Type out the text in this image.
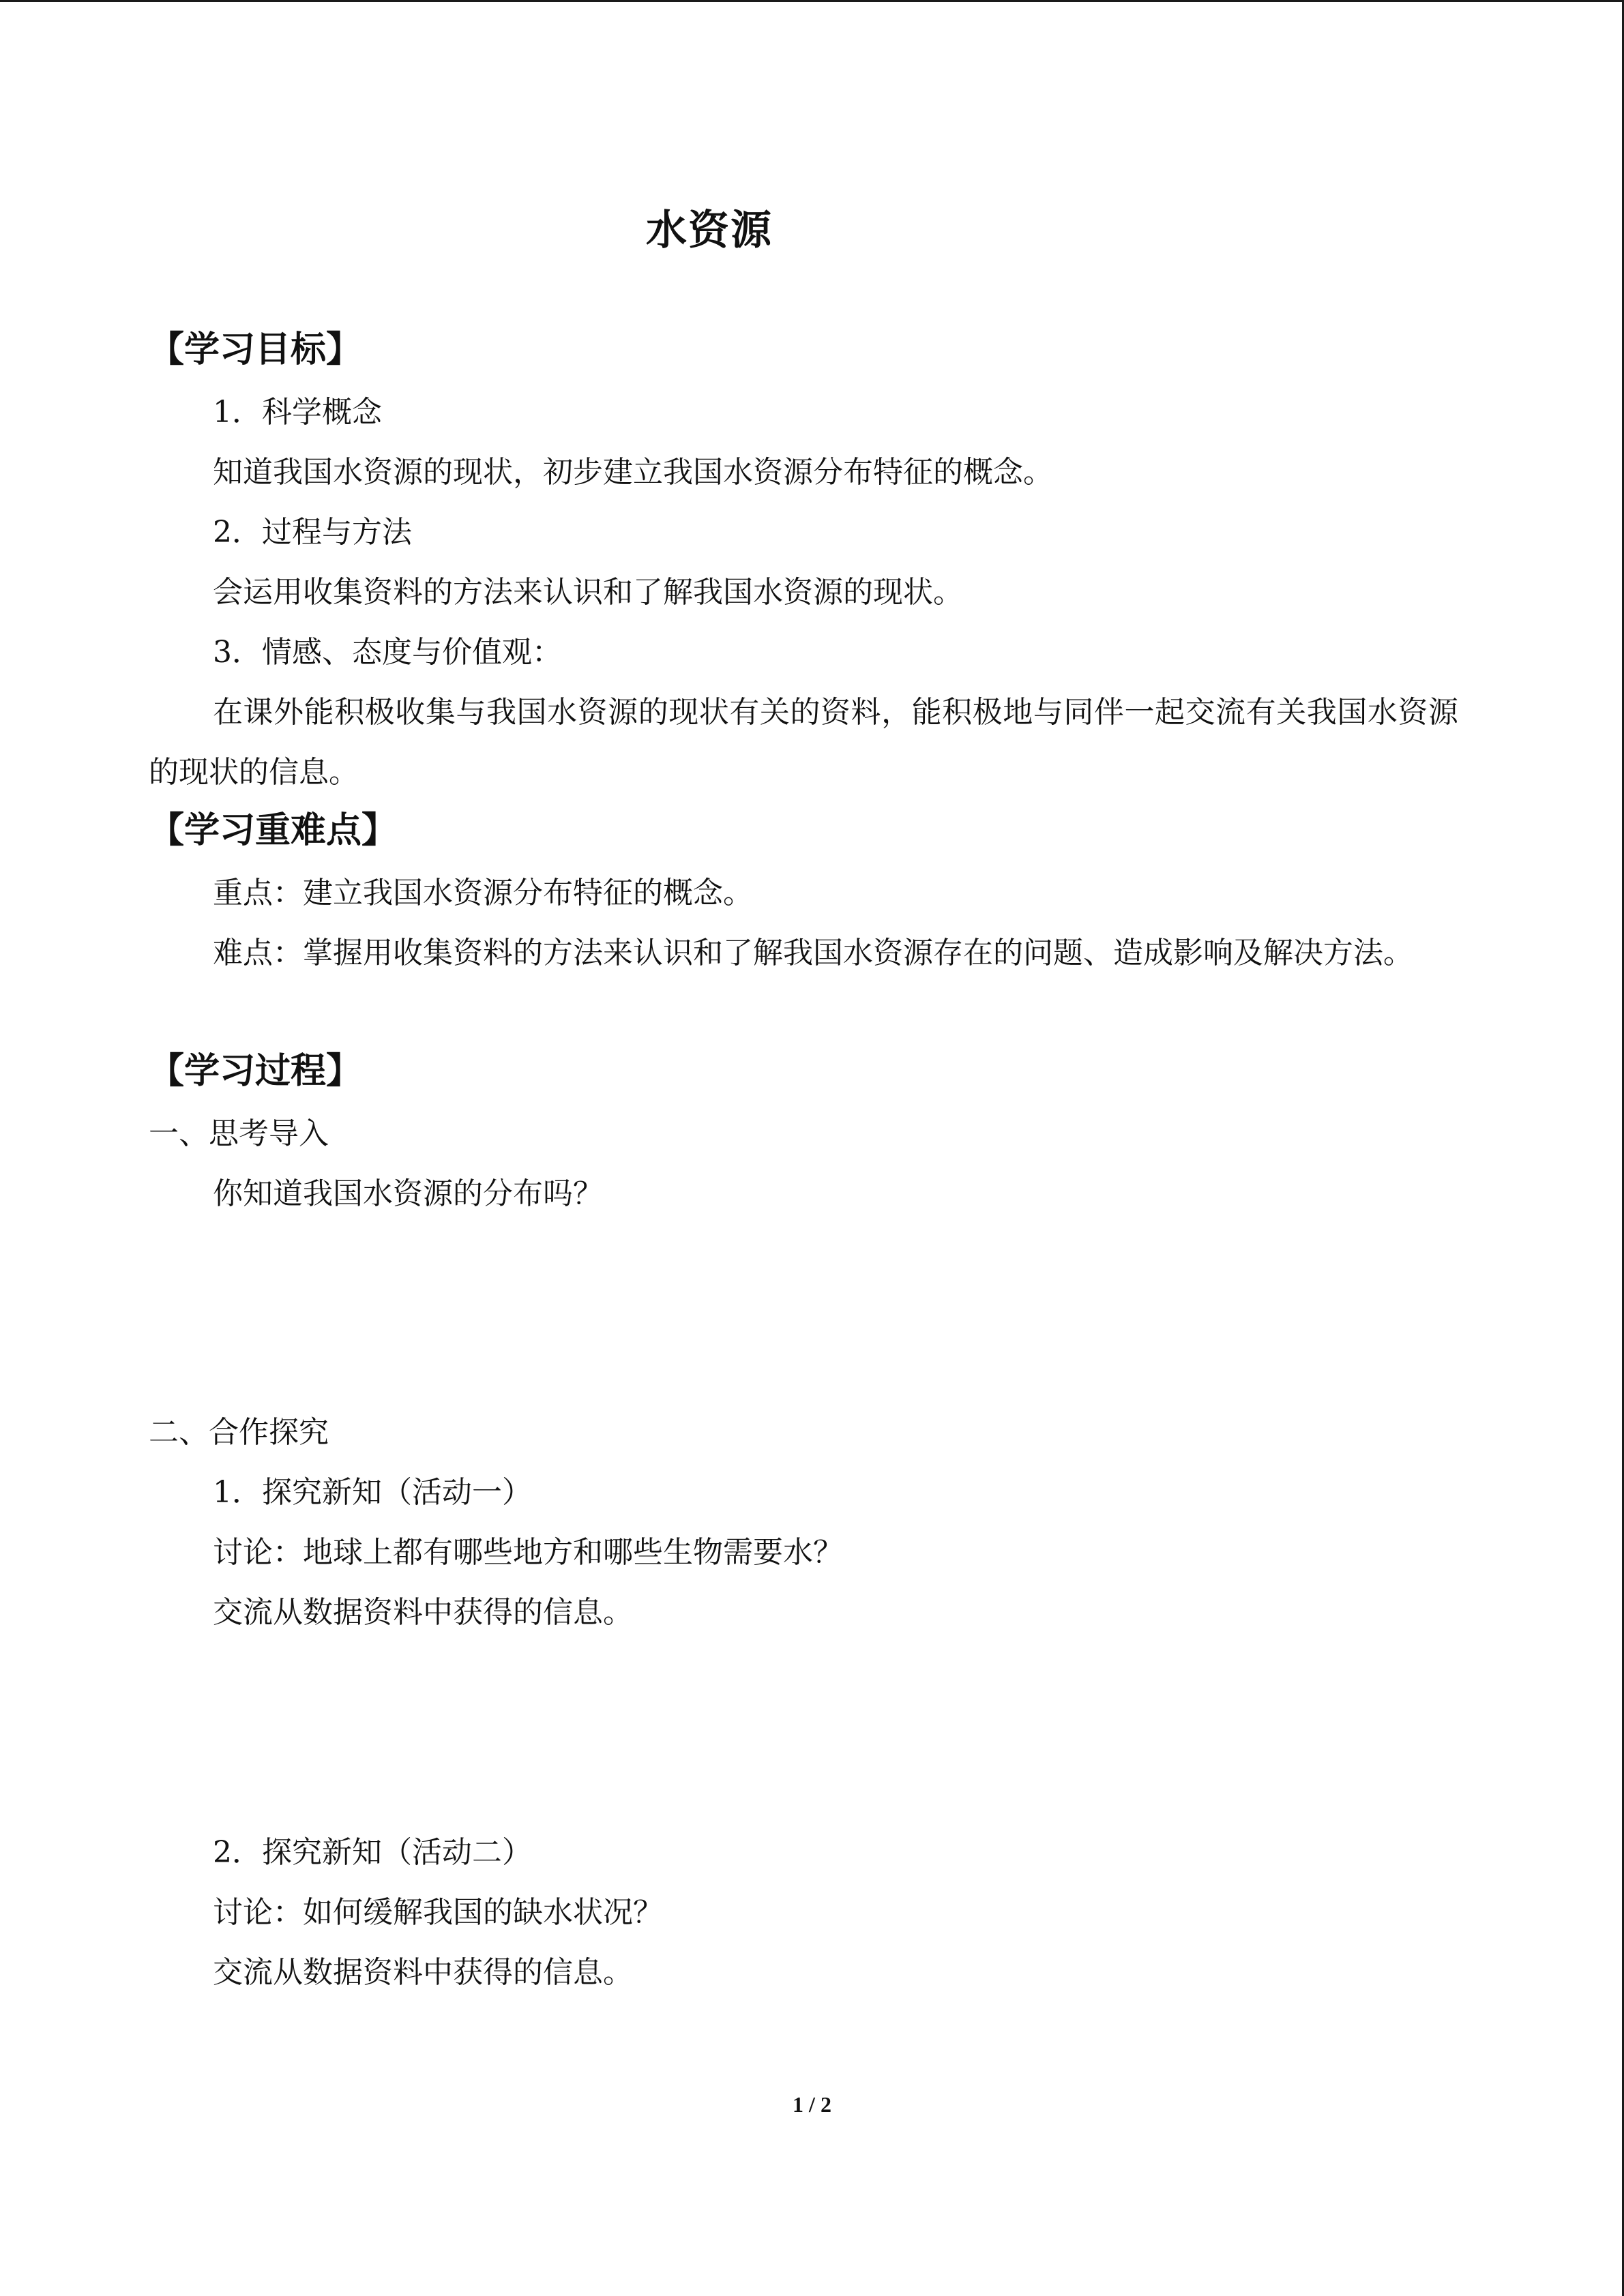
水资源
【学习目标】
1．科学概念
知道我国水资源的现状，初步建立我国水资源分布特征的概念。
2．过程与方法
会运用收集资料的方法来认识和了解我国水资源的现状。
3．情感、态度与价值观：
在课外能积极收集与我国水资源的现状有关的资料，能积极地与同伴一起交流有关我国水资源的现状的信息。
【学习重难点】
重点：建立我国水资源分布特征的概念。
难点：掌握用收集资料的方法来认识和了解我国水资源存在的问题、造成影响及解决方法。
【学习过程】
一、思考导入
你知道我国水资源的分布吗？
二、合作探究
1．探究新知（活动一）
讨论：地球上都有哪些地方和哪些生物需要水？
交流从数据资料中获得的信息。
2．探究新知（活动二）
讨论：如何缓解我国的缺水状况？
交流从数据资料中获得的信息。
1 / 2
